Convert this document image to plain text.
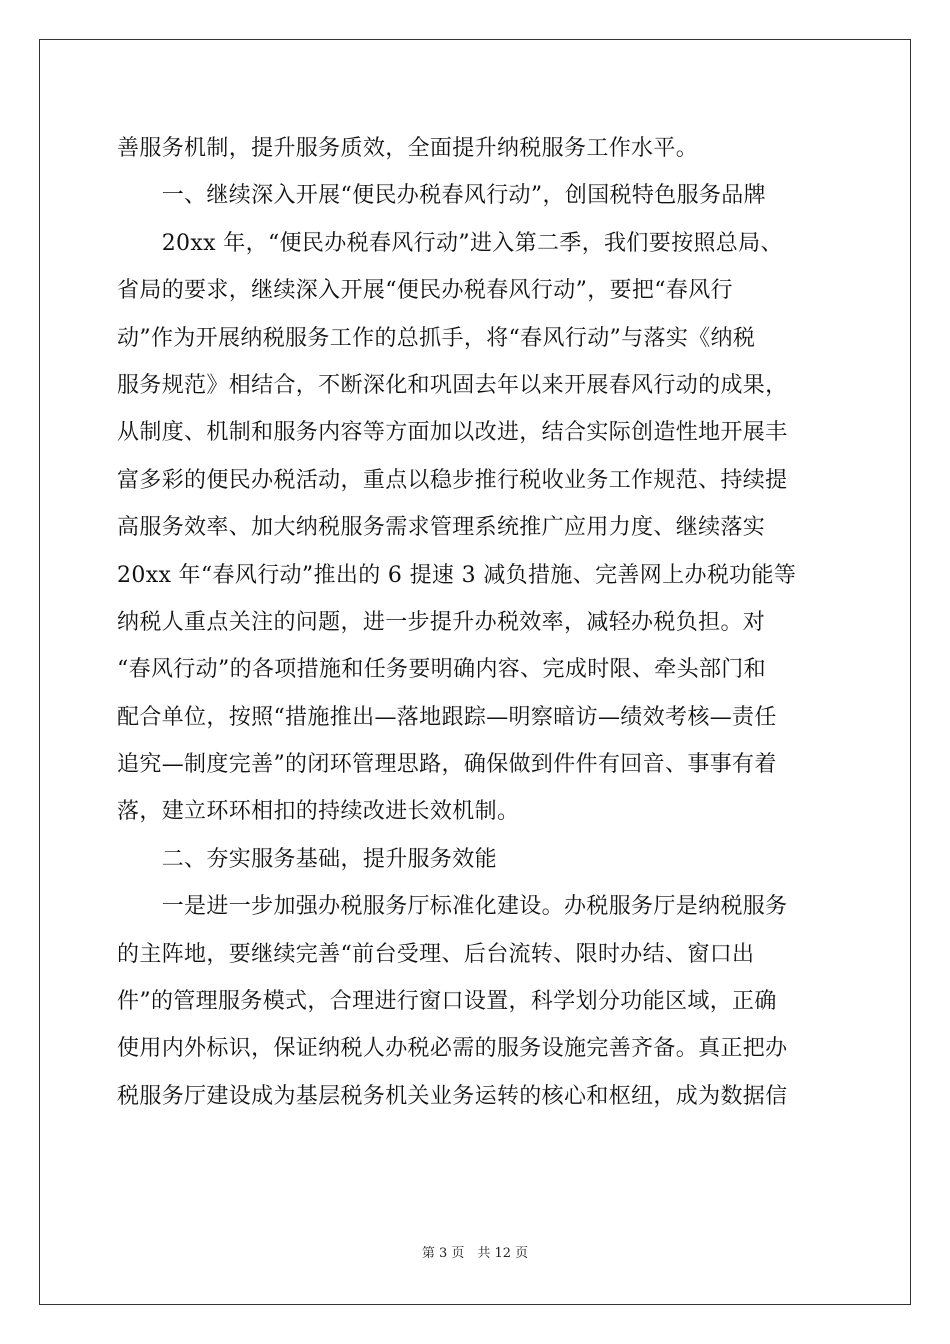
善服务机制，提升服务质效，全面提升纳税服务工作水平。
　　一、继续深入开展“便民办税春风行动”，创国税特色服务品牌
　　20xx 年，“便民办税春风行动”进入第二季，我们要按照总局、
省局的要求，继续深入开展“便民办税春风行动”，要把“春风行
动”作为开展纳税服务工作的总抓手，将“春风行动”与落实《纳税
服务规范》相结合，不断深化和巩固去年以来开展春风行动的成果，
从制度、机制和服务内容等方面加以改进，结合实际创造性地开展丰
富多彩的便民办税活动，重点以稳步推行税收业务工作规范、持续提
高服务效率、加大纳税服务需求管理系统推广应用力度、继续落实
20xx 年“春风行动”推出的 6 提速 3 减负措施、完善网上办税功能等
纳税人重点关注的问题，进一步提升办税效率，减轻办税负担。对
“春风行动”的各项措施和任务要明确内容、完成时限、牵头部门和
配合单位，按照“措施推出—落地跟踪—明察暗访—绩效考核—责任
追究—制度完善”的闭环管理思路，确保做到件件有回音、事事有着
落，建立环环相扣的持续改进长效机制。
　　二、夯实服务基础，提升服务效能
　　一是进一步加强办税服务厅标准化建设。办税服务厅是纳税服务
的主阵地，要继续完善“前台受理、后台流转、限时办结、窗口出
件”的管理服务模式，合理进行窗口设置，科学划分功能区域，正确
使用内外标识，保证纳税人办税必需的服务设施完善齐备。真正把办
税服务厅建设成为基层税务机关业务运转的核心和枢纽，成为数据信
第 3 页　共 12 页
